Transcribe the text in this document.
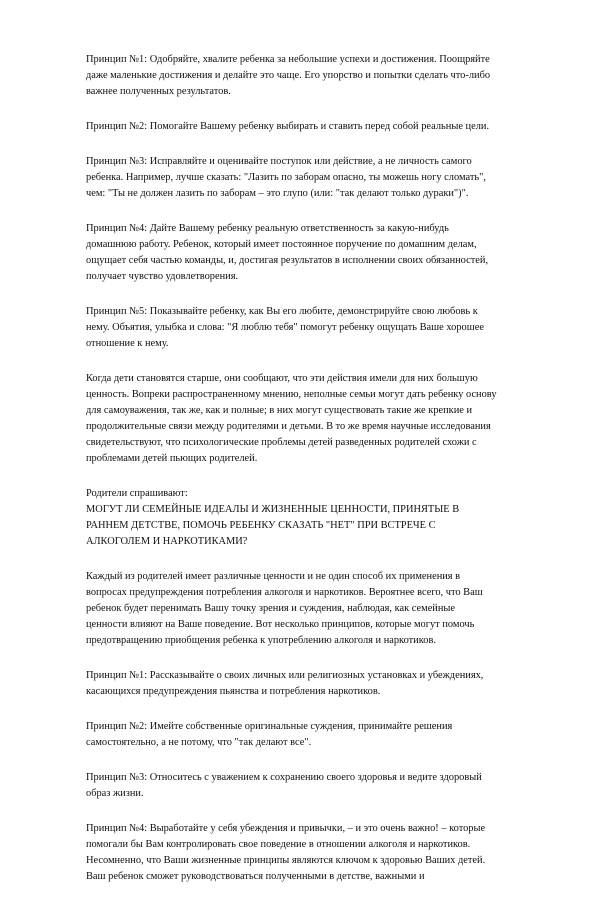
Принцип №1: Одобряйте, хвалите ребенка за небольшие успехи и достижения. Поощряйте
даже маленькие достижения и делайте это чаще. Его упорство и попытки сделать что-либо
важнее полученных результатов.

Принцип №2: Помогайте Вашему ребенку выбирать и ставить перед собой реальные цели.

Принцип №3: Исправляйте и оценивайте поступок или действие, а не личность самого
ребенка. Например, лучше сказать: "Лазить по заборам опасно, ты можешь ногу сломать",
чем: "Ты не должен лазить по заборам – это глупо (или: "так делают только дураки")".

Принцип №4: Дайте Вашему ребенку реальную ответственность за какую-нибудь
домашнюю работу. Ребенок, который имеет постоянное поручение по домашним делам,
ощущает себя частью команды, и, достигая результатов в исполнении своих обязанностей,
получает чувство удовлетворения.

Принцип №5: Показывайте ребенку, как Вы его любите, демонстрируйте свою любовь к
нему. Объятия, улыбка и слова: "Я люблю тебя" помогут ребенку ощущать Ваше хорошее
отношение к нему.

Когда дети становятся старше, они сообщают, что эти действия имели для них большую
ценность. Вопреки распространенному мнению, неполные семьи могут дать ребенку основу
для самоуважения, так же, как и полные; в них могут существовать такие же крепкие и
продолжительные связи между родителями и детьми. В то же время научные исследования
свидетельствуют, что психологические проблемы детей разведенных родителей схожи с
проблемами детей пьющих родителей.

Родители спрашивают:
МОГУТ ЛИ СЕМЕЙНЫЕ ИДЕАЛЫ И ЖИЗНЕННЫЕ ЦЕННОСТИ, ПРИНЯТЫЕ В
РАННЕМ ДЕТСТВЕ, ПОМОЧЬ РЕБЕНКУ СКАЗАТЬ "НЕТ" ПРИ ВСТРЕЧЕ С
АЛКОГОЛЕМ И НАРКОТИКАМИ?

Каждый из родителей имеет различные ценности и не один способ их применения в
вопросах предупреждения потребления алкоголя и наркотиков. Вероятнее всего, что Ваш
ребенок будет перенимать Вашу точку зрения и суждения, наблюдая, как семейные
ценности влияют на Ваше поведение. Вот несколько принципов, которые могут помочь
предотвращению приобщения ребенка к употреблению алкоголя и наркотиков.

Принцип №1: Рассказывайте о своих личных или религиозных установках и убеждениях,
касающихся предупреждения пьянства и потребления наркотиков.

Принцип №2: Имейте собственные оригинальные суждения, принимайте решения
самостоятельно, а не потому, что "так делают все".

Принцип №3: Относитесь с уважением к сохранению своего здоровья и ведите здоровый
образ жизни.

Принцип №4: Выработайте у себя убеждения и привычки, – и это очень важно! – которые
помогали бы Вам контролировать свое поведение в отношении алкоголя и наркотиков.
Несомненно, что Ваши жизненные принципы являются ключом к здоровью Ваших детей.
Ваш ребенок сможет руководствоваться полученными в детстве, важными и
